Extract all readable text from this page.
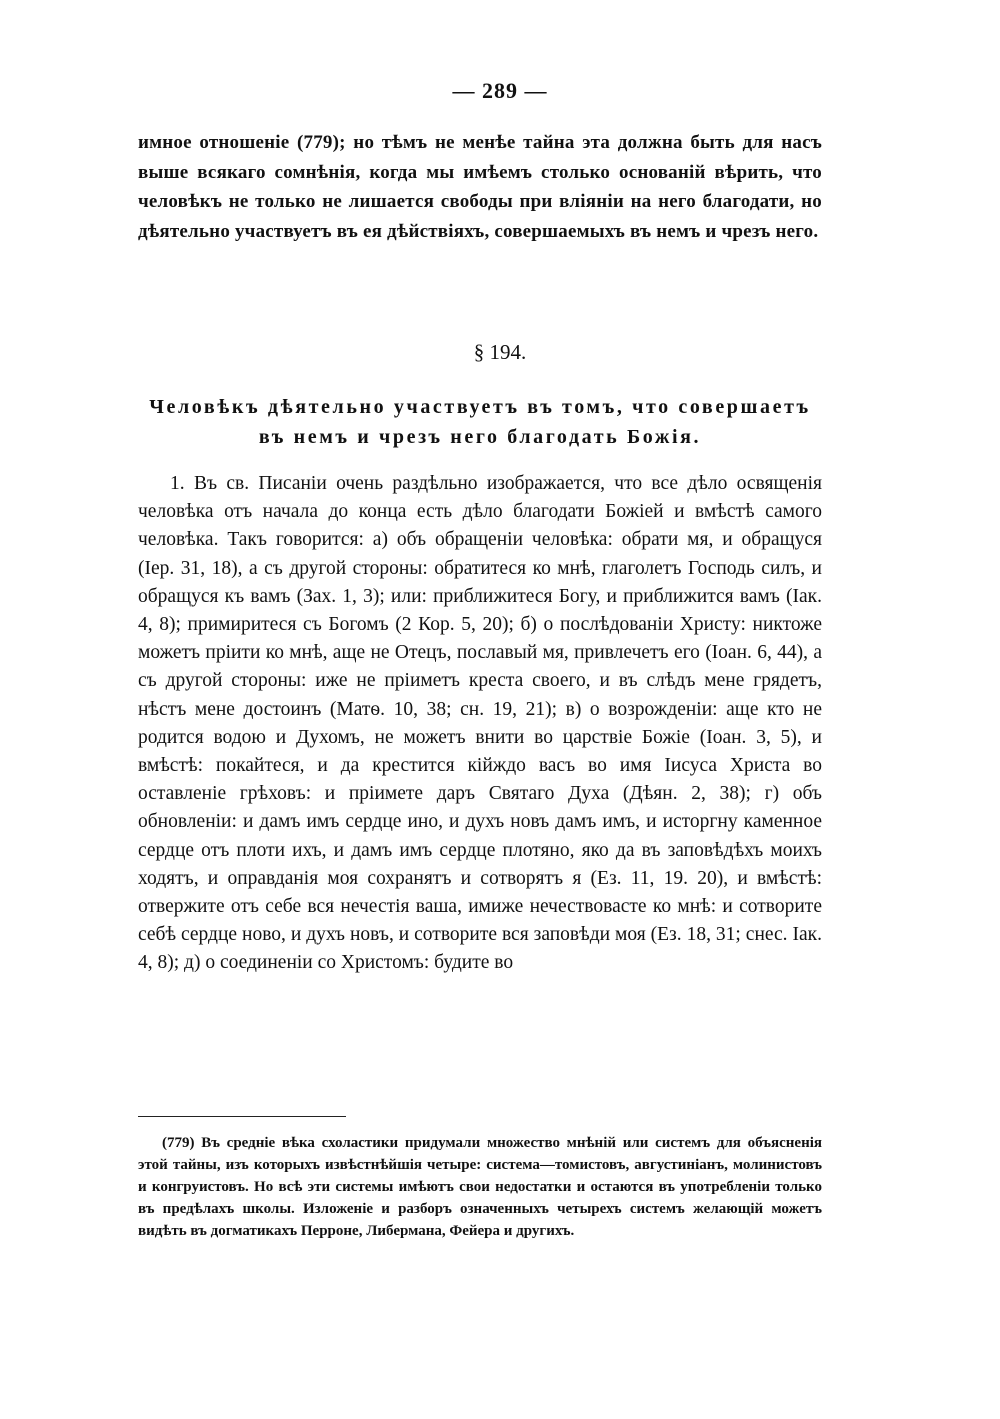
— 289 —

имное отношеніе (779); но тѣмъ не менѣе тайна эта должна быть для насъ выше всякаго сомнѣнія, когда мы имѣемъ столько основаній вѣрить, что человѣкъ не только не лишается свободы при вліяніи на него благодати, но дѣятельно участвуетъ въ ея дѣйствіяхъ, совершаемыхъ въ немъ и чрезъ него.

§ 194.
Человѣкъ дѣятельно участвуетъ въ томъ, что совершаетъ
въ немъ и чрезъ него благодать Божія.

1. Въ св. Писаніи очень раздѣльно изображается, что все дѣло освященія человѣка отъ начала до конца есть дѣло благодати Божіей и вмѣстѣ самого человѣка. Такъ говорится: а) объ обращеніи человѣка: обрати мя, и обращуся (Іер. 31, 18), а съ другой стороны: обратитеся ко мнѣ, глаголетъ Господь силъ, и обращуся къ вамъ (Зах. 1, 3); или: приближитеся Богу, и приближится вамъ (Іак. 4, 8); примиритеся съ Богомъ (2 Кор. 5, 20); б) о послѣдованіи Христу: никтоже можетъ пріити ко мнѣ, аще не Отецъ, пославый мя, привлечетъ его (Іоан. 6, 44), а съ другой стороны: иже не пріиметъ креста своего, и въ слѣдъ мене грядетъ, нѣстъ мене достоинъ (Матѳ. 10, 38; сн. 19, 21); в) о возрожденіи: аще кто не родится водою и Духомъ, не можетъ внити во царствіе Божіе (Іоан. 3, 5), и вмѣстѣ: покайтеся, и да крестится кійждо васъ во имя Іисуса Христа во оставленіе грѣховъ: и пріимете даръ Святаго Духа (Дѣян. 2, 38); г) объ обновленіи: и дамъ имъ сердце ино, и духъ новъ дамъ имъ, и исторгну каменное сердце отъ плоти ихъ, и дамъ имъ сердце плотяно, яко да въ заповѣдѣхъ моихъ ходятъ, и оправданія моя сохранятъ и сотворятъ я (Ез. 11, 19. 20), и вмѣстѣ: отвержите отъ себе вся нечестія ваша, имиже нечествовасте ко мнѣ: и сотворите себѣ сердце ново, и духъ новъ, и сотворите вся заповѣди моя (Ез. 18, 31; снес. Іак. 4, 8); д) о соединеніи со Христомъ: будите во

(779) Въ средніе вѣка схоластики придумали множество мнѣній или системъ для объясненія этой тайны, изъ которыхъ извѣстнѣйшія четыре: система—томистовъ, августиніанъ, молинистовъ и конгруистовъ. Но всѣ эти системы имѣютъ свои недостатки и остаются въ употребленіи только въ предѣлахъ школы. Изложеніе и разборъ означенныхъ четырехъ системъ желающій можетъ видѣть въ догматикахъ Перроне, Либермана, Фейера и другихъ.
